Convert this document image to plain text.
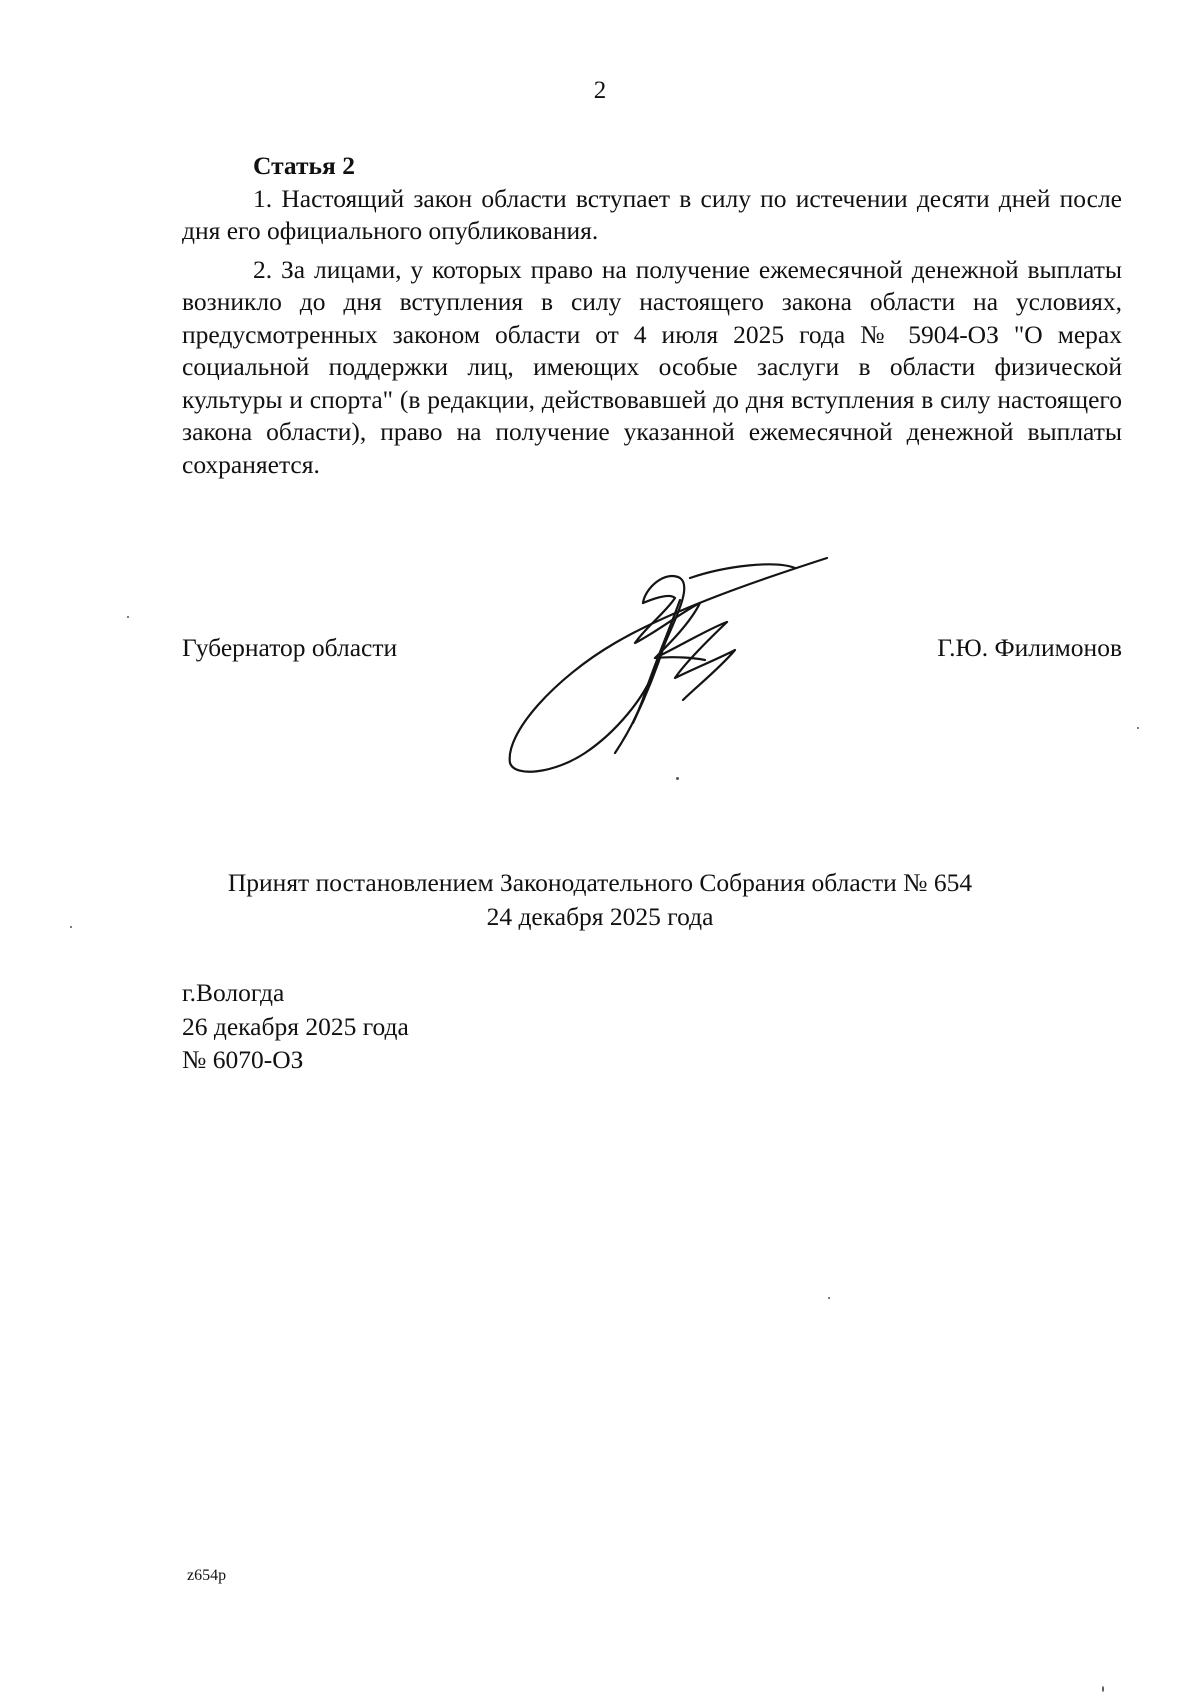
2

Статья 2

1. Настоящий закон области вступает в силу по истечении десяти дней после дня его официального опубликования.

2. За лицами, у которых право на получение ежемесячной денежной выплаты возникло до дня вступления в силу настоящего закона области на условиях, предусмотренных законом области от 4 июля 2025 года № 5904-ОЗ "О мерах социальной поддержки лиц, имеющих особые заслуги в области физической культуры и спорта" (в редакции, действовавшей до дня вступления в силу настоящего закона области), право на получение указанной ежемесячной денежной выплаты сохраняется.

Губернатор области	Г.Ю. Филимонов
Принят постановлением Законодательного Собрания области № 654
24 декабря 2025 года
г.Вологда
26 декабря 2025 года
№ 6070-ОЗ
z654p
